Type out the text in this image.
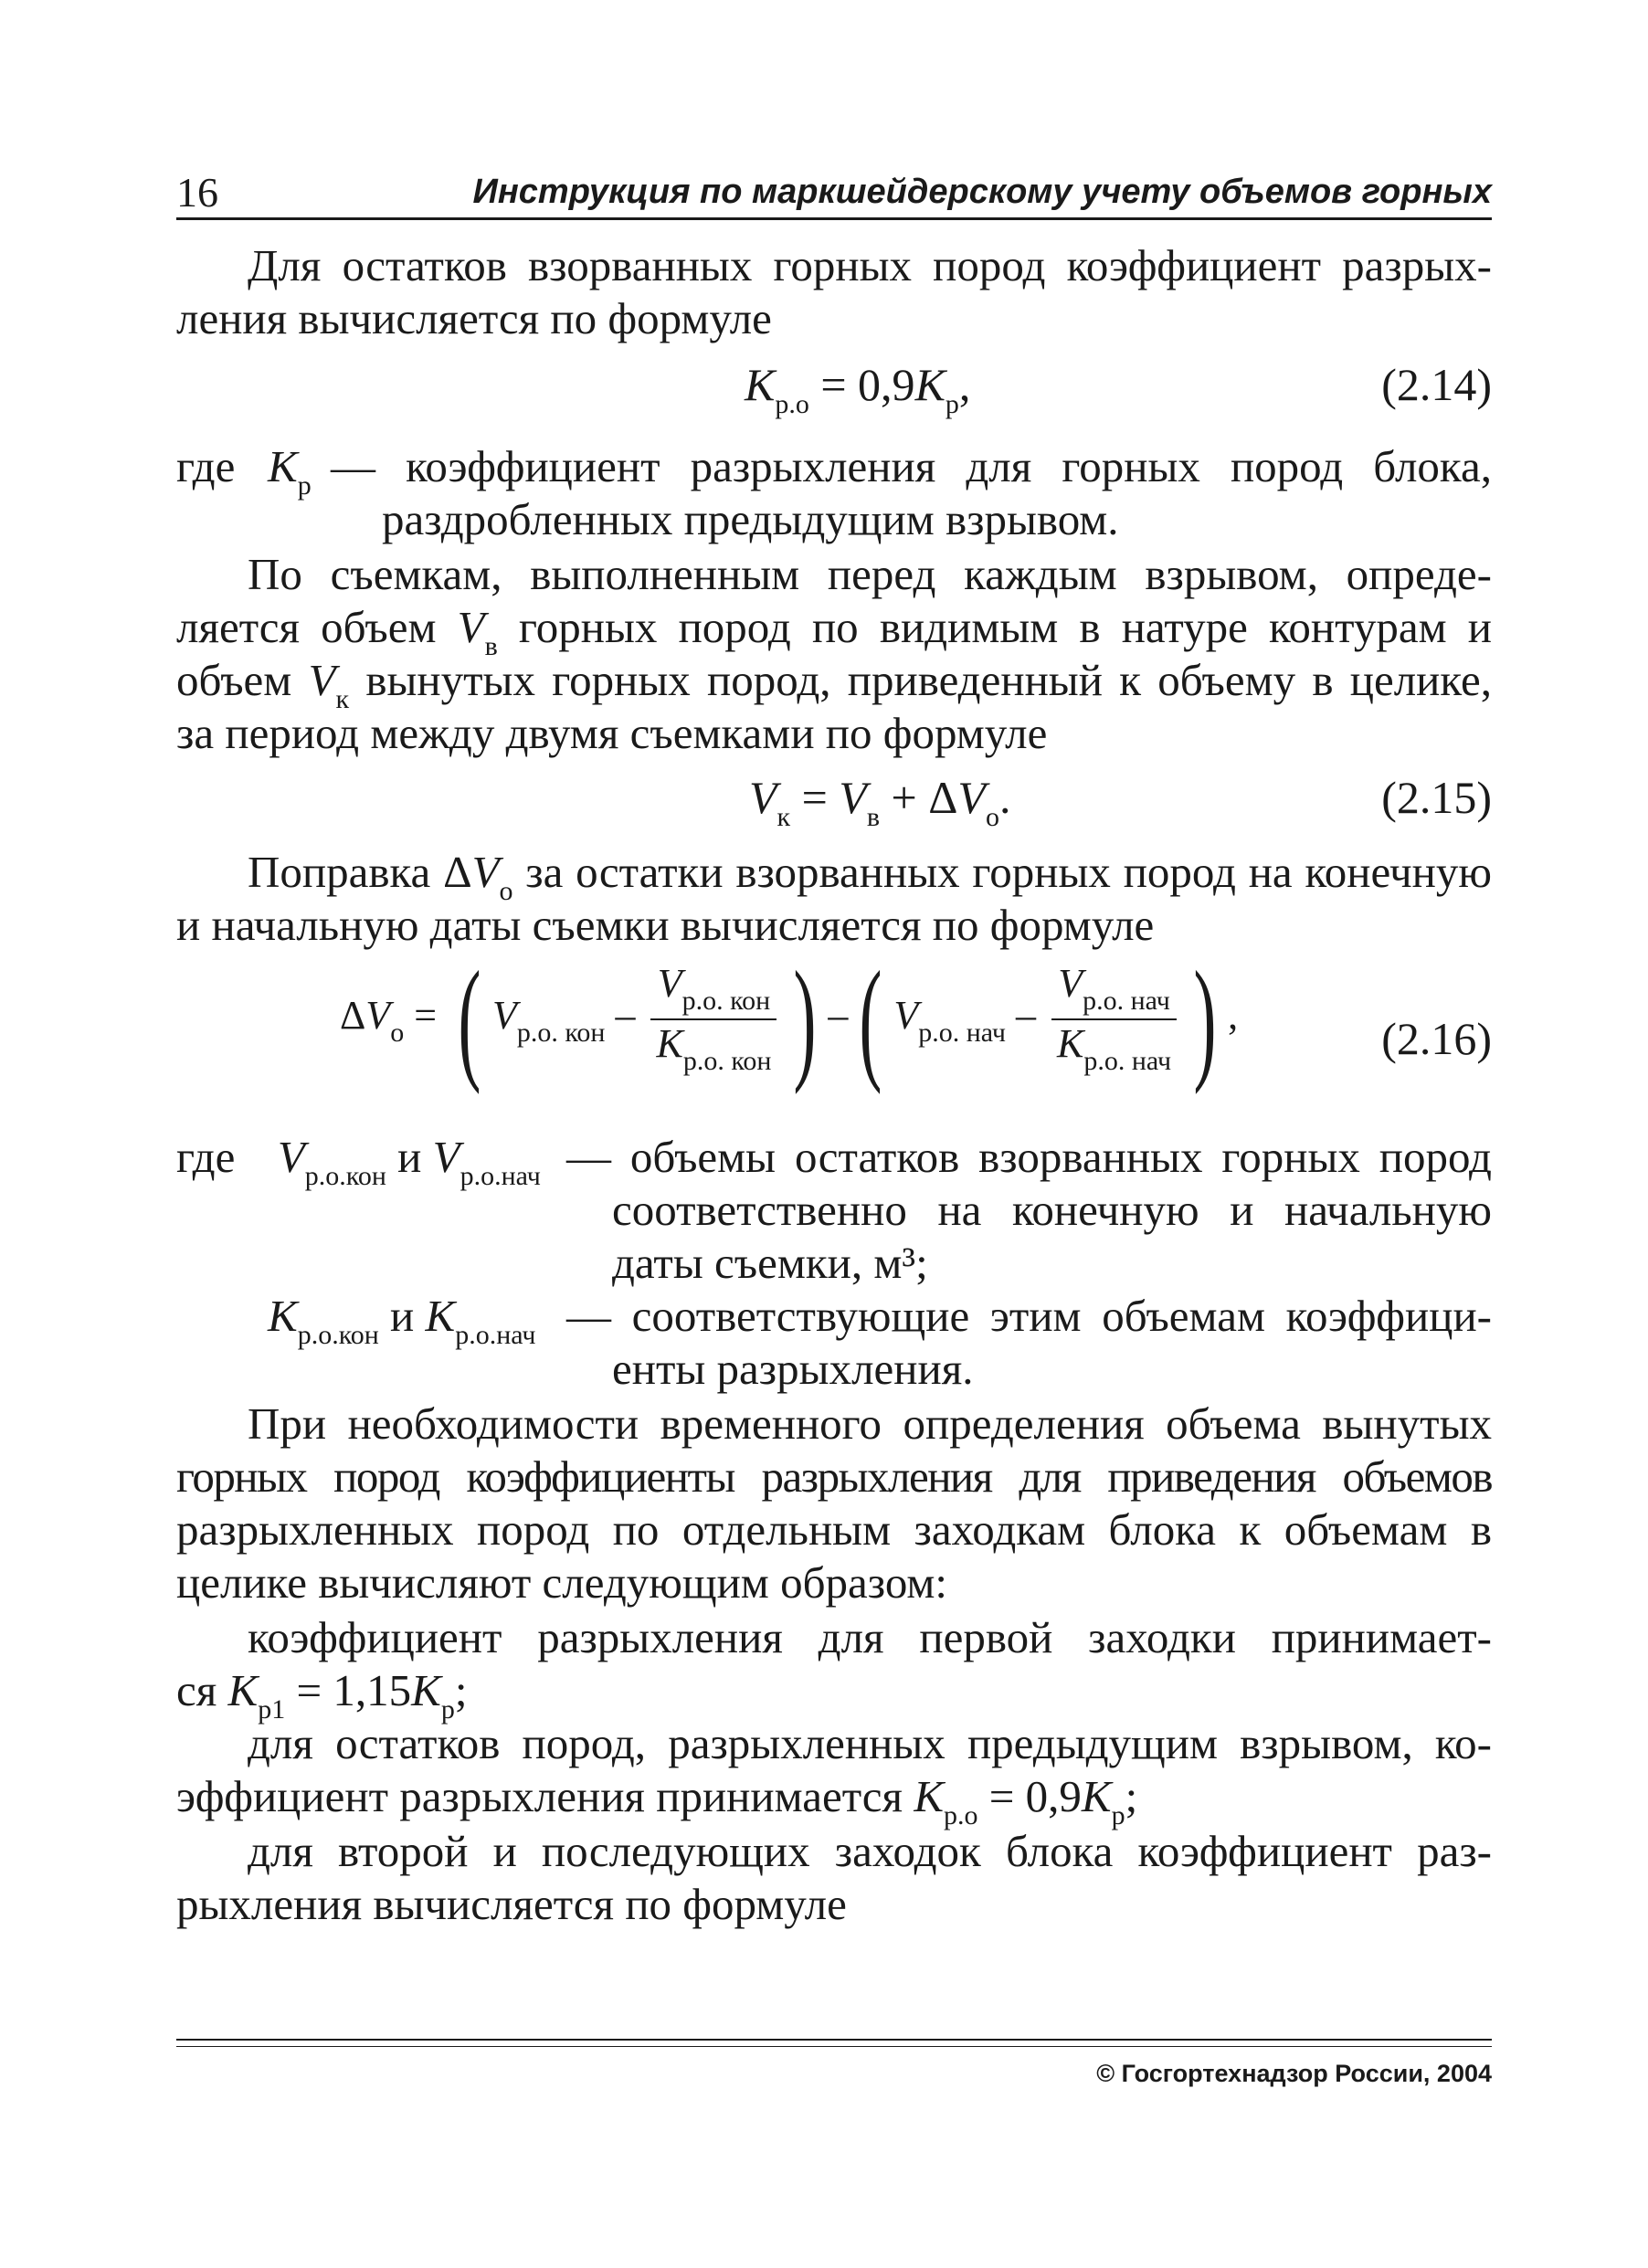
16	Инструкция по маркшейдерскому учету объемов горных
Для остатков взорванных горных пород коэффициент разрых-
ления вычисляется по формуле
$K_{р.о} = 0,9K_р$,	(2.14)
где $K_р$ — коэффициент разрыхления для горных пород блока,
раздробленных предыдущим взрывом.
По съемкам, выполненным перед каждым взрывом, опреде-
ляется объем $V_в$ горных пород по видимым в натуре контурам и
объем $V_к$ вынутых горных пород, приведенный к объему в целике,
за период между двумя съемками по формуле
$V_к = V_в + \Delta V_о$.	(2.15)
Поправка $\Delta V_о$ за остатки взорванных горных пород на конечную
и начальную даты съемки вычисляется по формуле
$\Delta V_о$ = ( $V_{р.о. кон} - \frac{V_{р.о. кон}}{K_{р.о. кон}}$ ) –( $V_{р.о. нач} - \frac{V_{р.о. нач}}{K_{р.о. нач}}$ ) ,	(2.16)
где $V_{р.о.кон}$ и $V_{р.о.нач}$ — объемы остатков взорванных горных пород
соответственно на конечную и начальную
даты съемки, м³;
$K_{р.о.кон}$ и $K_{р.о.нач}$ — соответствующие этим объемам коэффици-
енты разрыхления.
При необходимости временного определения объема вынутых
горных пород коэффициенты разрыхления для приведения объемов
разрыхленных пород по отдельным заходкам блока к объемам в
целике вычисляют следующим образом:
коэффициент разрыхления для первой заходки принимает-
ся $K_{р1} = 1,15K_р$;
для остатков пород, разрыхленных предыдущим взрывом, ко-
эффициент разрыхления принимается $K_{р.о} = 0,9K_р$;
для второй и последующих заходок блока коэффициент раз-
рыхления вычисляется по формуле
© Госгортехнадзор России, 2004
